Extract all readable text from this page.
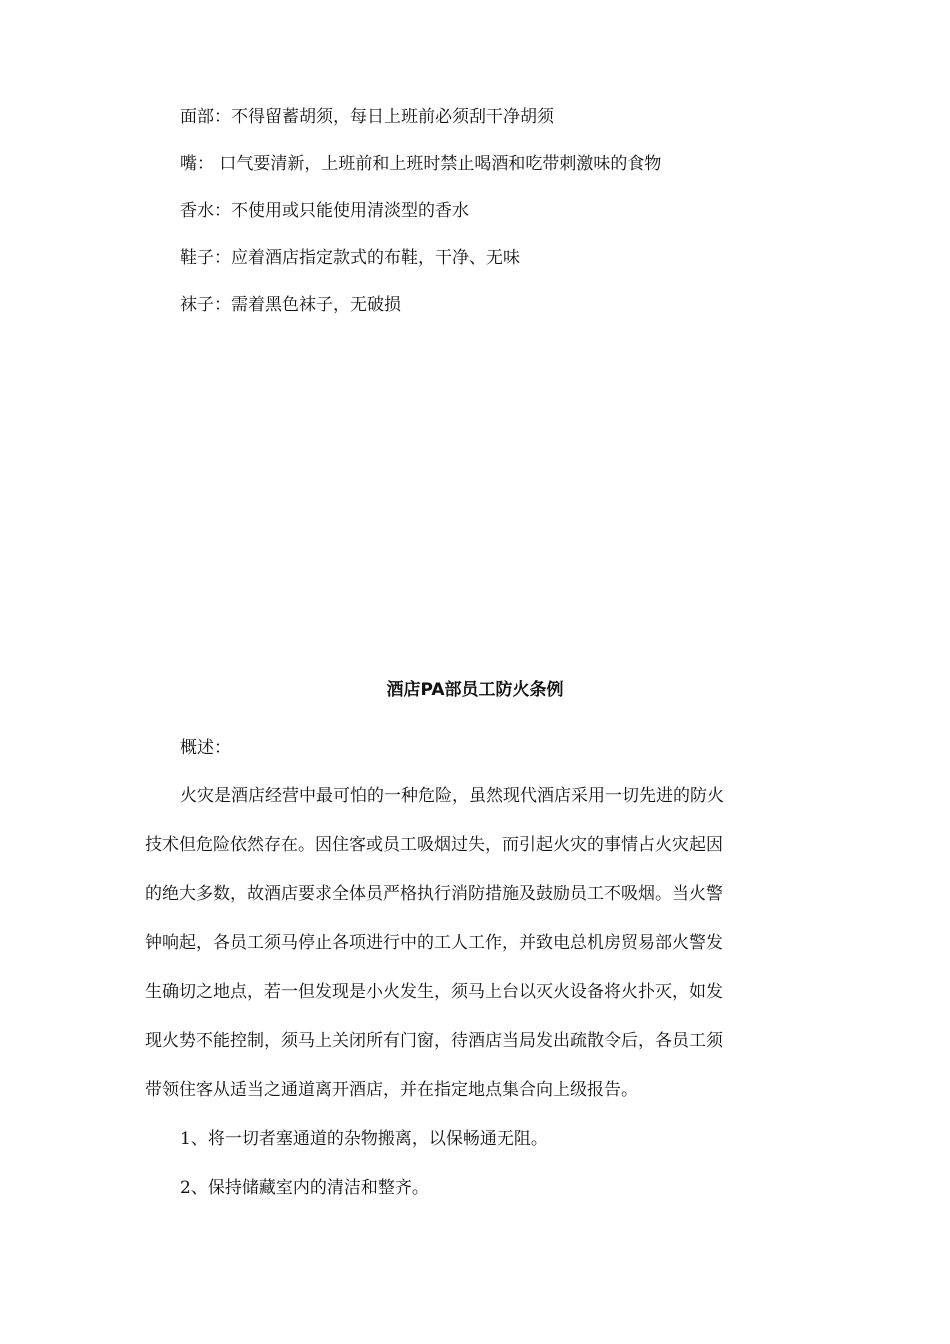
面部：不得留蓄胡须，每日上班前必须刮干净胡须
嘴： 口气要清新，上班前和上班时禁止喝酒和吃带刺激味的食物
香水：不使用或只能使用清淡型的香水
鞋子：应着酒店指定款式的布鞋，干净、无味
袜子：需着黑色袜子，无破损
酒店PA部员工防火条例
概述：
火灾是酒店经营中最可怕的一种危险，虽然现代酒店采用一切先进的防火
技术但危险依然存在。因住客或员工吸烟过失，而引起火灾的事情占火灾起因
的绝大多数，故酒店要求全体员严格执行消防措施及鼓励员工不吸烟。当火警
钟响起，各员工须马停止各项进行中的工人工作，并致电总机房贸易部火警发
生确切之地点，若一但发现是小火发生，须马上台以灭火设备将火扑灭，如发
现火势不能控制，须马上关闭所有门窗，待酒店当局发出疏散令后，各员工须
带领住客从适当之通道离开酒店，并在指定地点集合向上级报告。
1、将一切者塞通道的杂物搬离，以保畅通无阻。
2、保持储藏室内的清洁和整齐。
